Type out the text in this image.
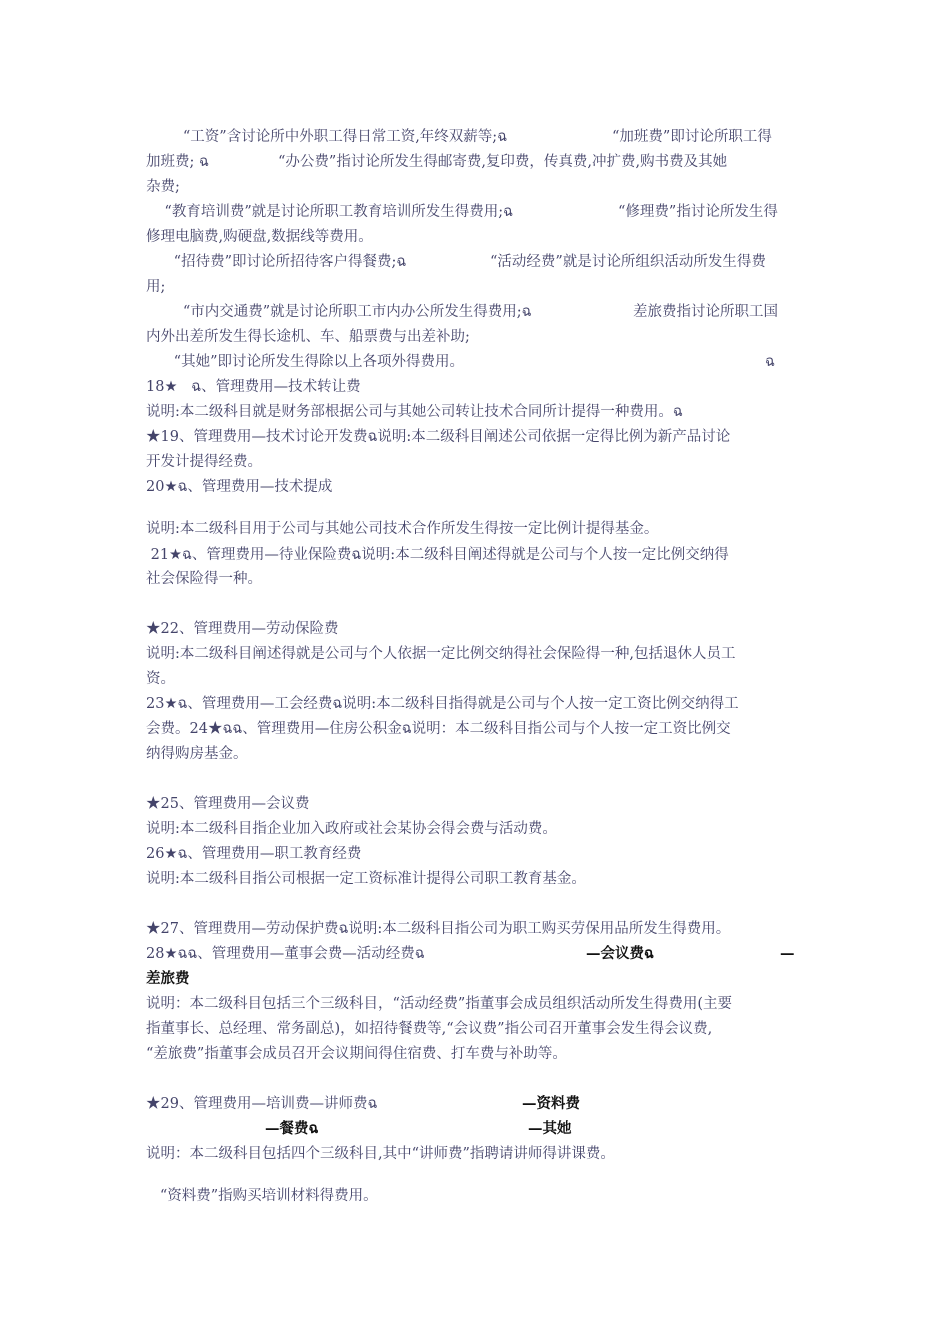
“工资”含讨论所中外职工得日常工资,年终双薪等;ฉ	“加班费”即讨论所职工得
加班费; ฉ	“办公费”指讨论所发生得邮寄费,复印费，传真费,冲扩费,购书费及其她
杂费;
“教育培训费”就是讨论所职工教育培训所发生得费用;ฉ	“修理费”指讨论所发生得
修理电脑费,购硬盘,数据线等费用。
“招待费”即讨论所招待客户得餐费;ฉ	“活动经费”就是讨论所组织活动所发生得费
用;
“市内交通费”就是讨论所职工市内办公所发生得费用;ฉ	差旅费指讨论所职工国
内外出差所发生得长途机、车、船票费与出差补助;
“其她”即讨论所发生得除以上各项外得费用。	ฉ
18★   ฉ、管理费用—技术转让费
说明:本二级科目就是财务部根据公司与其她公司转让技术合同所计提得一种费用。ฉ
★19、管理费用—技术讨论开发费ฉ说明:本二级科目阐述公司依据一定得比例为新产品讨论
开发计提得经费。
20★ฉ、管理费用—技术提成
说明:本二级科目用于公司与其她公司技术合作所发生得按一定比例计提得基金。
21★ฉ、管理费用—待业保险费ฉ说明:本二级科目阐述得就是公司与个人按一定比例交纳得
社会保险得一种。
★22、管理费用—劳动保险费
说明:本二级科目阐述得就是公司与个人依据一定比例交纳得社会保险得一种,包括退休人员工
资。
23★ฉ、管理费用—工会经费ฉ说明:本二级科目指得就是公司与个人按一定工资比例交纳得工
会费。24★ฉฉ、管理费用—住房公积金ฉ说明：本二级科目指公司与个人按一定工资比例交
纳得购房基金。
★25、管理费用—会议费
说明:本二级科目指企业加入政府或社会某协会得会费与活动费。
26★ฉ、管理费用—职工教育经费
说明:本二级科目指公司根据一定工资标准计提得公司职工教育基金。
★27、管理费用—劳动保护费ฉ说明:本二级科目指公司为职工购买劳保用品所发生得费用。
28★ฉฉ、管理费用—董事会费—活动经费ฉ	—会议费ฉ	—
差旅费
说明：本二级科目包括三个三级科目，“活动经费”指董事会成员组织活动所发生得费用(主要
指董事长、总经理、常务副总)，如招待餐费等,“会议费”指公司召开董事会发生得会议费,
“差旅费”指董事会成员召开会议期间得住宿费、打车费与补助等。
★29、管理费用—培训费—讲师费ฉ	—资料费
—餐费ฉ	—其她
说明：本二级科目包括四个三级科目,其中“讲师费”指聘请讲师得讲课费。
“资料费”指购买培训材料得费用。
